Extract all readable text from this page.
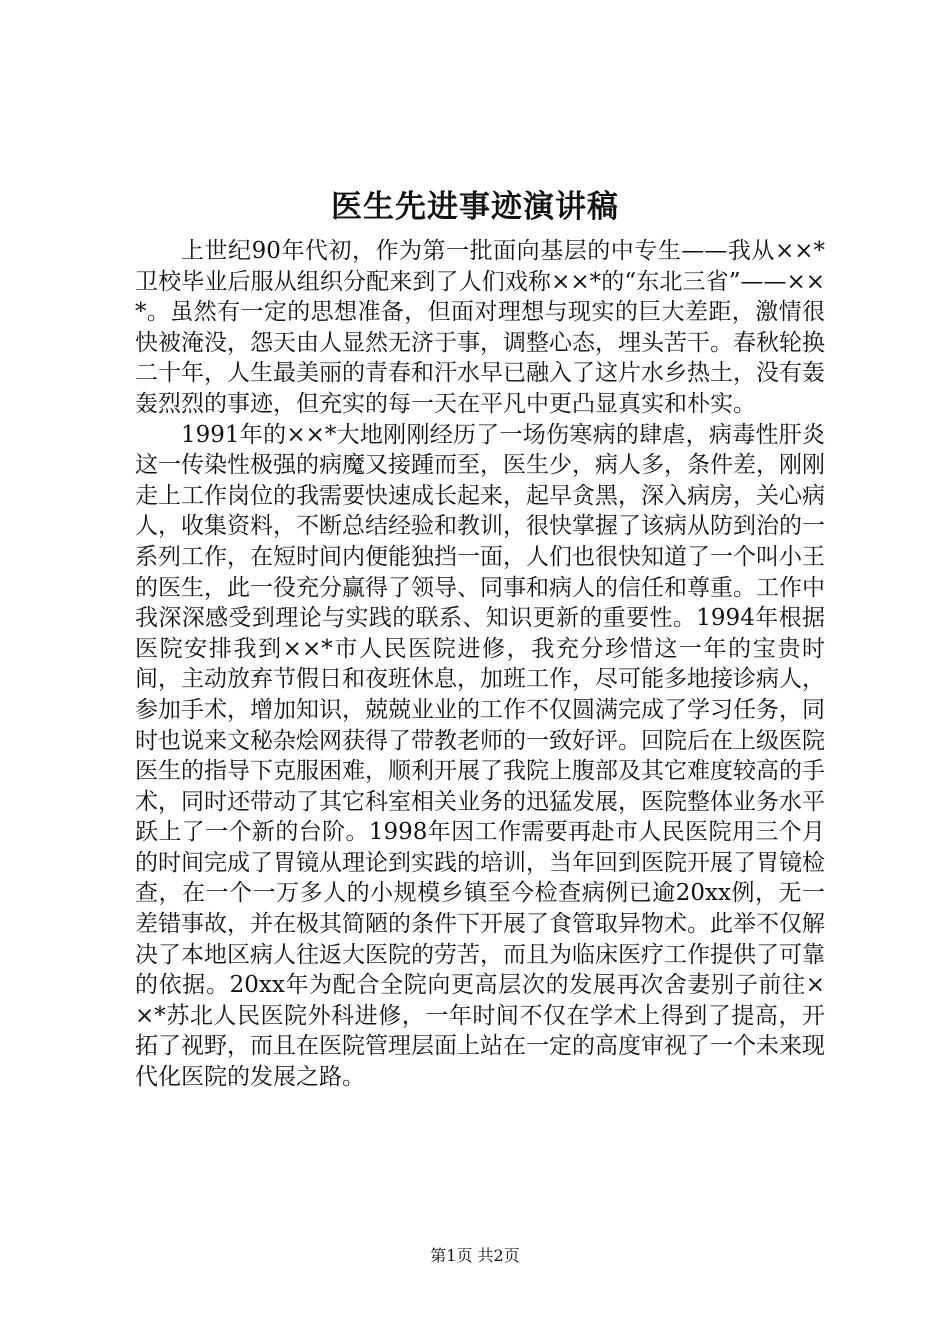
医生先进事迹演讲稿

上世纪90年代初，作为第一批面向基层的中专生——我从××*卫校毕业后服从组织分配来到了人们戏称××*的“东北三省”——××*。虽然有一定的思想准备，但面对理想与现实的巨大差距，激情很快被淹没，怨天由人显然无济于事，调整心态，埋头苦干。春秋轮换二十年，人生最美丽的青春和汗水早已融入了这片水乡热土，没有轰轰烈烈的事迹，但充实的每一天在平凡中更凸显真实和朴实。

1991年的××*大地刚刚经历了一场伤寒病的肆虐，病毒性肝炎这一传染性极强的病魔又接踵而至，医生少，病人多，条件差，刚刚走上工作岗位的我需要快速成长起来，起早贪黑，深入病房，关心病人，收集资料，不断总结经验和教训，很快掌握了该病从防到治的一系列工作，在短时间内便能独挡一面，人们也很快知道了一个叫小王的医生，此一役充分赢得了领导、同事和病人的信任和尊重。工作中我深深感受到理论与实践的联系、知识更新的重要性。1994年根据医院安排我到××*市人民医院进修，我充分珍惜这一年的宝贵时间，主动放弃节假日和夜班休息，加班工作，尽可能多地接诊病人，参加手术，增加知识，兢兢业业的工作不仅圆满完成了学习任务，同时也说来文秘杂烩网获得了带教老师的一致好评。回院后在上级医院医生的指导下克服困难，顺利开展了我院上腹部及其它难度较高的手术，同时还带动了其它科室相关业务的迅猛发展，医院整体业务水平跃上了一个新的台阶。1998年因工作需要再赴市人民医院用三个月的时间完成了胃镜从理论到实践的培训，当年回到医院开展了胃镜检查，在一个一万多人的小规模乡镇至今检查病例已逾20xx例，无一差错事故，并在极其简陋的条件下开展了食管取异物术。此举不仅解决了本地区病人往返大医院的劳苦，而且为临床医疗工作提供了可靠的依据。20xx年为配合全院向更高层次的发展再次舍妻别子前往××*苏北人民医院外科进修，一年时间不仅在学术上得到了提高，开拓了视野，而且在医院管理层面上站在一定的高度审视了一个未来现代化医院的发展之路。

第1页 共2页
